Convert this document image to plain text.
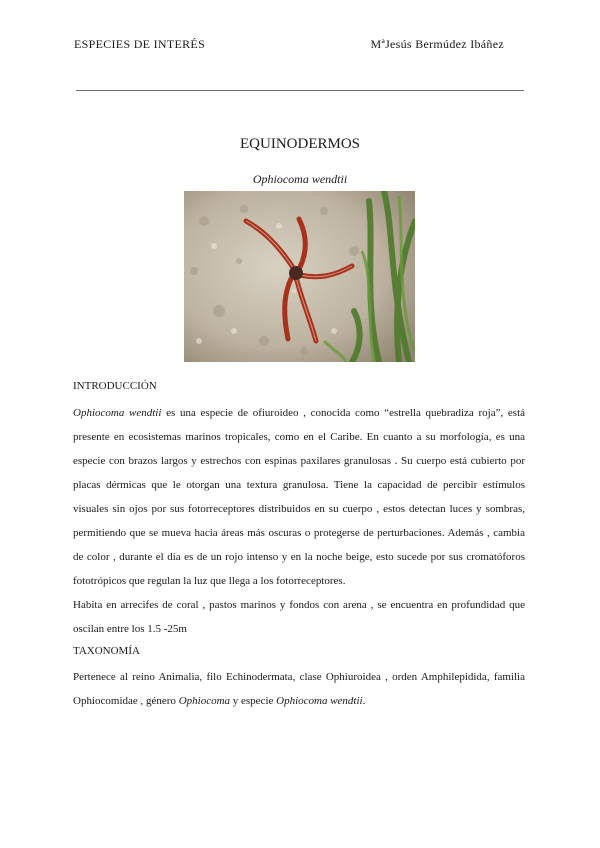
ESPECIES DE INTERÉS	MªJesús Bermúdez Ibáñez
EQUINODERMOS
Ophiocoma wendtii
INTRODUCCIÓN

Ophiocoma wendtii es una especie de ofiuroideo , conocida como “estrella quebradiza roja”, está presente en ecosistemas marinos tropicales, como en el Caribe. En cuanto a su morfología, es una especie con brazos largos y estrechos con espinas paxilares granulosas . Su cuerpo está cubierto por placas dérmicas que le otorgan una textura granulosa. Tiene la capacidad de percibir estímulos visuales sin ojos por sus fotorreceptores distribuidos en su cuerpo , estos detectan luces y sombras, permitiendo que se mueva hacia áreas más oscuras o protegerse de perturbaciones. Además , cambia de color , durante el día es de un rojo intenso y en la noche beige, esto sucede por sus cromatóforos fototrópicos que regulan la luz que llega a los fotorreceptores.

Habita en arrecifes de coral , pastos marinos y fondos con arena , se encuentra en profundidad que oscilan entre los 1.5 -25m

TAXONOMÍA

Pertenece al reino Animalia, filo Echinodermata, clase Ophiuroidea , orden Amphilepidida, familia Ophiocomidae , género Ophiocoma y especie Ophiocoma wendtii.
